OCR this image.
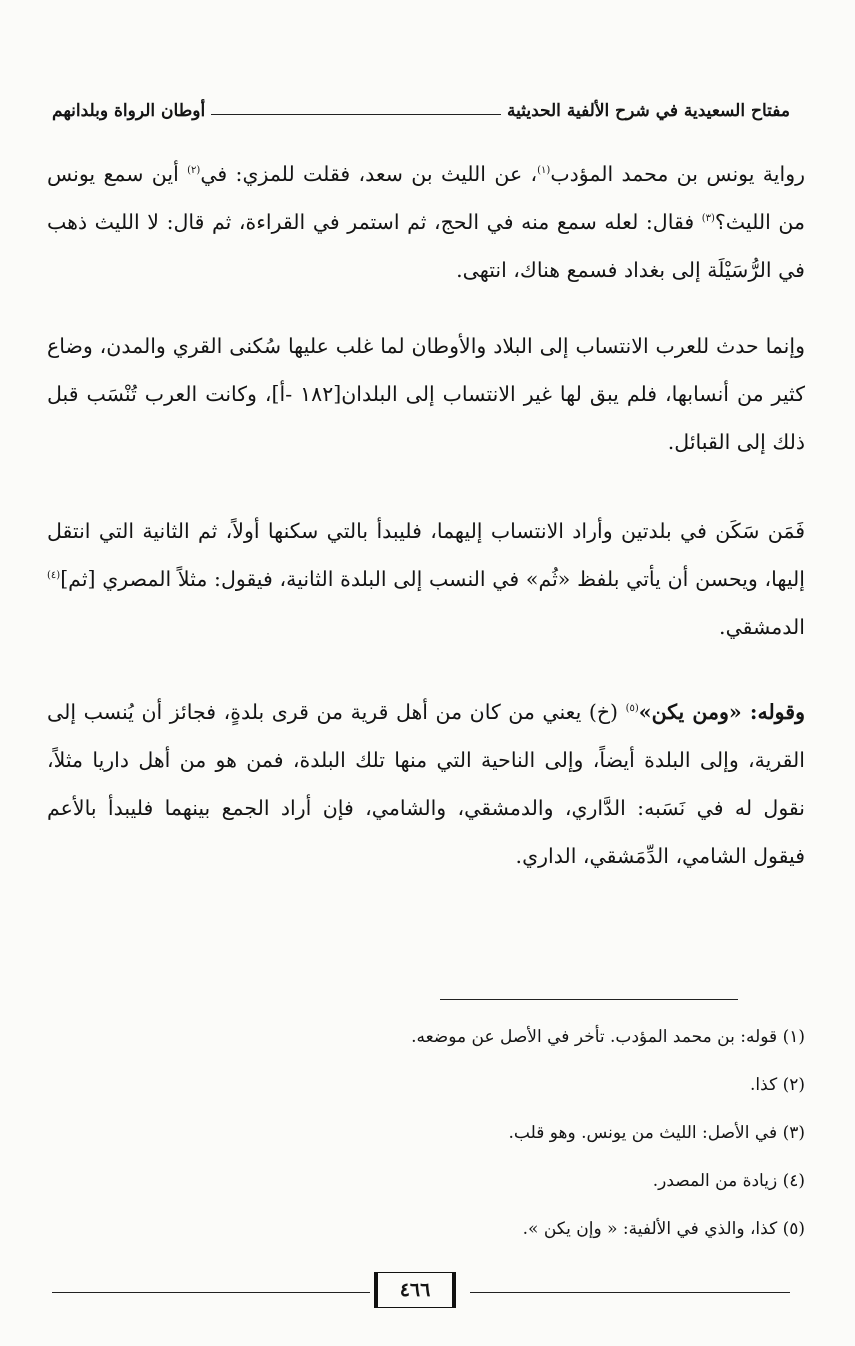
مفتاح السعيدية في شرح الألفية الحديثية
أوطان الرواة وبلدانهم

رواية يونس بن محمد المؤدب$^{(١)}$، عن الليث بن سعد، فقلت للمزي: في$^{(٢)}$ أين سمع يونس من الليث؟$^{(٣)}$ فقال: لعله سمع منه في الحج، ثم استمر في القراءة، ثم قال: لا الليث ذهب في الرُّسَيْلَة إلى بغداد فسمع هناك، انتهى.

وإنما حدث للعرب الانتساب إلى البلاد والأوطان لما غلب عليها سُكنى القري والمدن، وضاع كثير من أنسابها، فلم يبق لها غير الانتساب إلى البلدان[١٨٢ -أ]، وكانت العرب تُنْسَب قبل ذلك إلى القبائل.

فَمَن سَكَن في بلدتين وأراد الانتساب إليهما، فليبدأ بالتي سكنها أولاً، ثم الثانية التي انتقل إليها، ويحسن أن يأتي بلفظ «ثُم» في النسب إلى البلدة الثانية، فيقول: مثلاً المصري [ثم]$^{(٤)}$ الدمشقي.

وقوله: «ومن يكن»$^{(٥)}$ (خ) يعني من كان من أهل قرية من قرى بلدةٍ، فجائز أن يُنسب إلى القرية، وإلى البلدة أيضاً، وإلى الناحية التي منها تلك البلدة، فمن هو من أهل داريا مثلاً، نقول له في نَسَبه: الدَّاري، والدمشقي، والشامي، فإن أراد الجمع بينهما فليبدأ بالأعم فيقول الشامي، الدِّمَشقي، الداري.

(١) قوله: بن محمد المؤدب. تأخر في الأصل عن موضعه.
(٢) كذا.
(٣) في الأصل: الليث من يونس. وهو قلب.
(٤) زيادة من المصدر.
(٥) كذا، والذي في الألفية: « وإن يكن ».
٤٦٦
